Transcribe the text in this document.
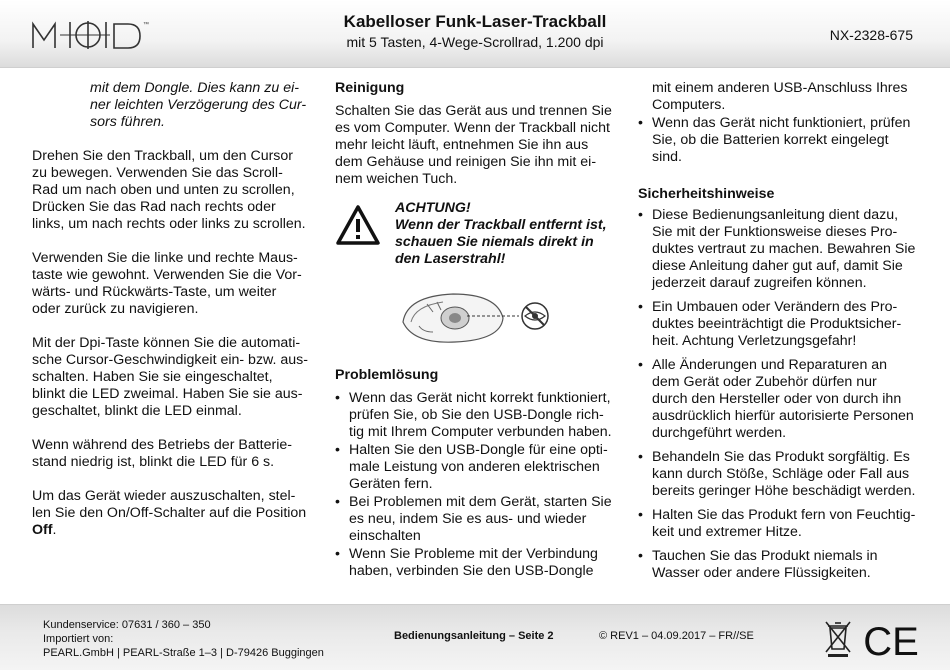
™	Kabelloser Funk-Laser-Trackball
mit 5 Tasten, 4-Wege-Scrollrad, 1.200 dpi	NX-2328-675
mit dem Dongle. Dies kann zu ei-
ner leichten Verzögerung des Cur-
sors führen.
Drehen Sie den Trackball, um den Cursor
zu bewegen. Verwenden Sie das Scroll-
Rad um nach oben und unten zu scrollen,
Drücken Sie das Rad nach rechts oder
links, um nach rechts oder links zu scrollen.
Verwenden Sie die linke und rechte Maus-
taste wie gewohnt. Verwenden Sie die Vor-
wärts- und Rückwärts-Taste, um weiter
oder zurück zu navigieren.
Mit der Dpi-Taste können Sie die automati-
sche Cursor-Geschwindigkeit ein- bzw. aus-
schalten. Haben Sie sie eingeschaltet,
blinkt die LED zweimal. Haben Sie sie aus-
geschaltet, blinkt die LED einmal.
Wenn während des Betriebs der Batterie-
stand niedrig ist, blinkt die LED für 6 s.
Um das Gerät wieder auszuschalten, stel-
len Sie den On/Off-Schalter auf die Position
Off.
Reinigung
Schalten Sie das Gerät aus und trennen Sie
es vom Computer. Wenn der Trackball nicht
mehr leicht läuft, entnehmen Sie ihn aus
dem Gehäuse und reinigen Sie ihn mit ei-
nem weichen Tuch.
ACHTUNG!
Wenn der Trackball entfernt ist,
schauen Sie niemals direkt in
den Laserstrahl!
Problemlösung
• Wenn das Gerät nicht korrekt funktioniert,
prüfen Sie, ob Sie den USB-Dongle rich-
tig mit Ihrem Computer verbunden haben.
• Halten Sie den USB-Dongle für eine opti-
male Leistung von anderen elektrischen
Geräten fern.
• Bei Problemen mit dem Gerät, starten Sie
es neu, indem Sie es aus- und wieder
einschalten
• Wenn Sie Probleme mit der Verbindung
haben, verbinden Sie den USB-Dongle
mit einem anderen USB-Anschluss Ihres
Computers.
• Wenn das Gerät nicht funktioniert, prüfen
Sie, ob die Batterien korrekt eingelegt
sind.
Sicherheitshinweise
• Diese Bedienungsanleitung dient dazu,
Sie mit der Funktionsweise dieses Pro-
duktes vertraut zu machen. Bewahren Sie
diese Anleitung daher gut auf, damit Sie
jederzeit darauf zugreifen können.
• Ein Umbauen oder Verändern des Pro-
duktes beeinträchtigt die Produktsicher-
heit. Achtung Verletzungsgefahr!
• Alle Änderungen und Reparaturen an
dem Gerät oder Zubehör dürfen nur
durch den Hersteller oder von durch ihn
ausdrücklich hierfür autorisierte Personen
durchgeführt werden.
• Behandeln Sie das Produkt sorgfältig. Es
kann durch Stöße, Schläge oder Fall aus
bereits geringer Höhe beschädigt werden.
• Halten Sie das Produkt fern von Feuchtig-
keit und extremer Hitze.
• Tauchen Sie das Produkt niemals in
Wasser oder andere Flüssigkeiten.
Kundenservice: 07631 / 360 – 350
Importiert von:
PEARL.GmbH | PEARL-Straße 1–3 | D-79426 Buggingen
Bedienungsanleitung – Seite 2	© REV1 – 04.09.2017 – FR//SE	CE
